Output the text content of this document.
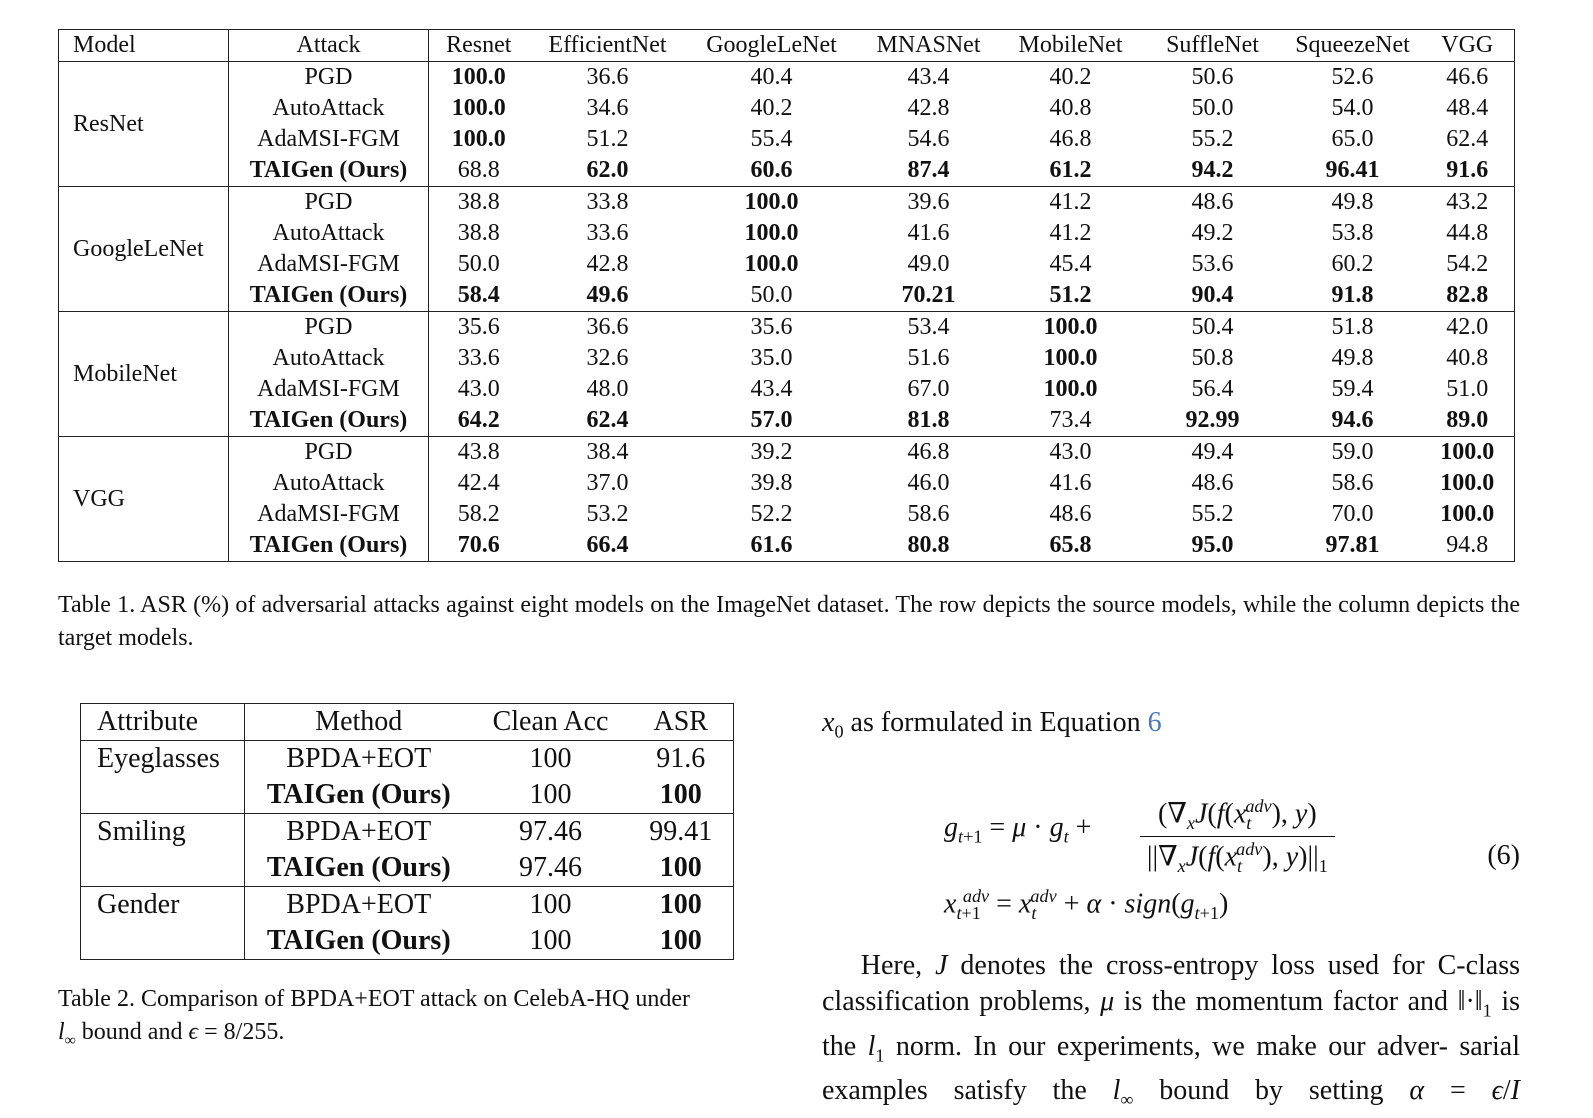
Model	Attack	Resnet	EfficientNet	GoogleLeNet	MNASNet	MobileNet	SuffleNet	SqueezeNet	VGG
ResNet	PGD	100.0	36.6	40.4	43.4	40.2	50.6	52.6	46.6
	AutoAttack	100.0	34.6	40.2	42.8	40.8	50.0	54.0	48.4
	AdaMSI-FGM	100.0	51.2	55.4	54.6	46.8	55.2	65.0	62.4
	TAIGen (Ours)	68.8	62.0	60.6	87.4	61.2	94.2	96.41	91.6
GoogleLeNet	PGD	38.8	33.8	100.0	39.6	41.2	48.6	49.8	43.2
	AutoAttack	38.8	33.6	100.0	41.6	41.2	49.2	53.8	44.8
	AdaMSI-FGM	50.0	42.8	100.0	49.0	45.4	53.6	60.2	54.2
	TAIGen (Ours)	58.4	49.6	50.0	70.21	51.2	90.4	91.8	82.8
MobileNet	PGD	35.6	36.6	35.6	53.4	100.0	50.4	51.8	42.0
	AutoAttack	33.6	32.6	35.0	51.6	100.0	50.8	49.8	40.8
	AdaMSI-FGM	43.0	48.0	43.4	67.0	100.0	56.4	59.4	51.0
	TAIGen (Ours)	64.2	62.4	57.0	81.8	73.4	92.99	94.6	89.0
VGG	PGD	43.8	38.4	39.2	46.8	43.0	49.4	59.0	100.0
	AutoAttack	42.4	37.0	39.8	46.0	41.6	48.6	58.6	100.0
	AdaMSI-FGM	58.2	53.2	52.2	58.6	48.6	55.2	70.0	100.0
	TAIGen (Ours)	70.6	66.4	61.6	80.8	65.8	95.0	97.81	94.8
Table 1. ASR (%) of adversarial attacks against eight models on the ImageNet dataset. The row depicts the source models, while the column depicts the target models.
Attribute	Method	Clean Acc	ASR
Eyeglasses	BPDA+EOT	100	91.6
	TAIGen (Ours)	100	100
Smiling	BPDA+EOT	97.46	99.41
	TAIGen (Ours)	97.46	100
Gender	BPDA+EOT	100	100
	TAIGen (Ours)	100	100
Table 2. Comparison of BPDA+EOT attack on CelebA-HQ under
$l_\infty$ bound and ϵ = 8/255.
$x_0$ as formulated in Equation 6
$g_{t+1} = \mu \cdot g_t$ +	($\nabla_xJ(f(x_t^{adv})$, y)
$||\nabla_xJ(f(x_t^{adv})$, $y)||_1$
$x_{t+1}^{adv} = x_t^{adv} + \alpha$ · $sign(g_{t+1})$
(6)
Here, J denotes the cross-entropy loss used for C-class classification problems, μ is the momentum factor and $‖\cdot‖_1$ is the $l_1$ norm. In our experiments, we make our adver- sarial examples satisfy the $l_\infty$ bound by setting α = ϵ/I
